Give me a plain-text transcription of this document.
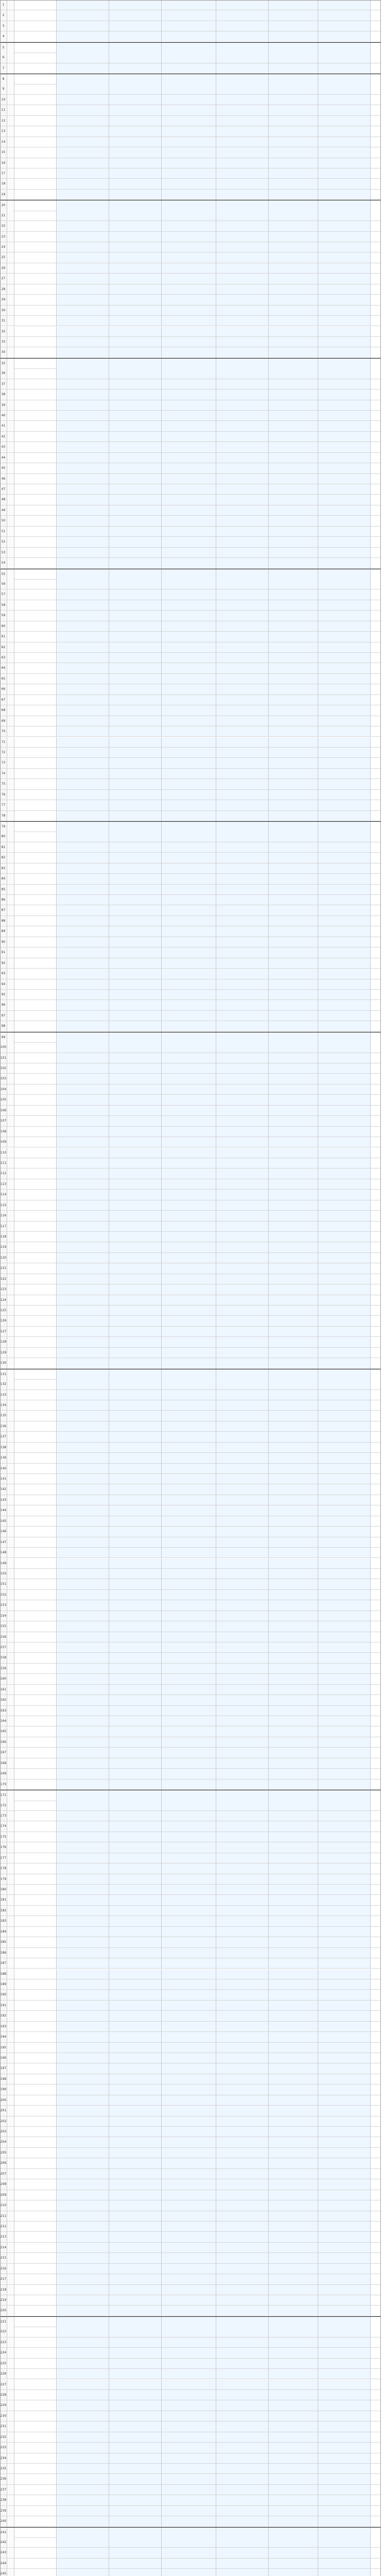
1
2
3
4
5
6
7
8
9
10
11
12
13
14
15
16
17
18
19
20
21
22
23
24
25
26
27
28
29
30
31
32
33
34
35
36
37
38
39
40
41
42
43
44
45
46
47
48
49
50
51
52
53
54
55
56
57
58
59
60
61
62
63
64
65
66
67
68
69
70
71
72
73
74
75
76
77
78
79
80
81
82
83
84
85
86
87
88
89
90
91
92
93
94
95
96
97
98
99
100
101
102
103
104
105
106
107
108
109
110
111
112
113
114
115
116
117
118
119
120
121
122
123
124
125
126
127
128
129
130
131
132
133
134
135
136
137
138
139
140
141
142
143
144
145
146
147
148
149
150
151
152
153
154
155
156
157
158
159
160
161
162
163
164
165
166
167
168
169
170
171
172
173
174
175
176
177
178
179
180
181
182
183
184
185
186
187
188
189
190
191
192
193
194
195
196
197
198
199
200
201
202
203
204
205
206
207
208
209
210
211
212
213
214
215
216
217
218
219
220
221
222
223
224
225
226
227
228
229
230
231
232
233
234
235
236
237
238
239
240
241
242
243
244
245
